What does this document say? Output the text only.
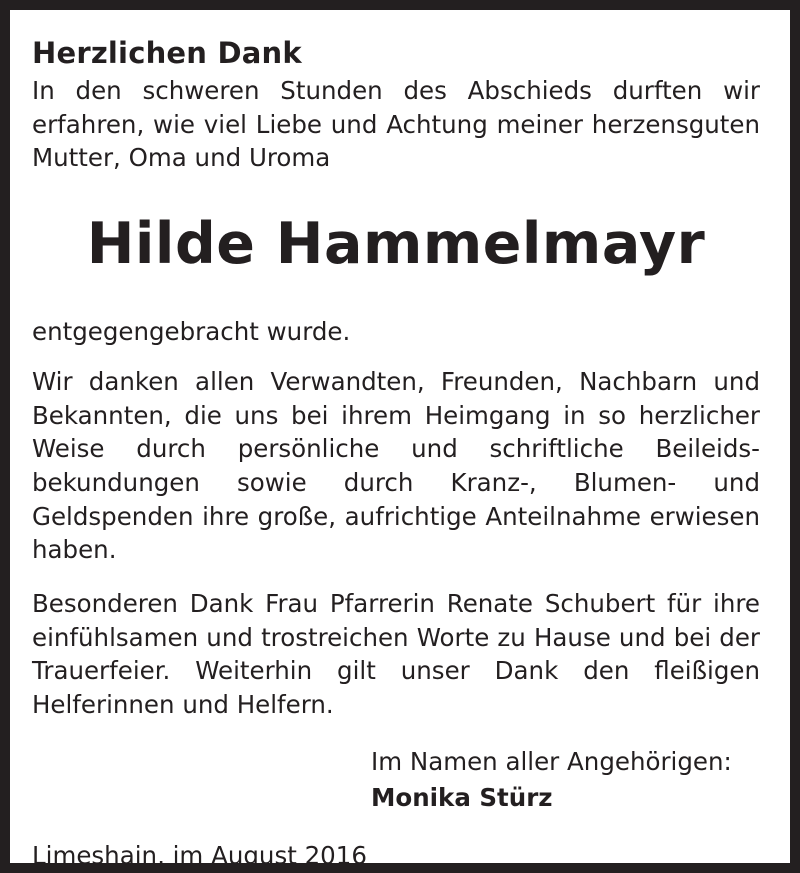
Herzlichen Dank

In den schweren Stunden des Abschieds durften wir erfahren, wie viel Liebe und Achtung meiner herzensguten Mutter, Oma und Uroma

Hilde Hammelmayr

entgegengebracht wurde.

Wir danken allen Verwandten, Freunden, Nachbarn und Bekannten, die uns bei ihrem Heimgang in so herzlicher Weise durch persönliche und schriftliche Beileidsbekundungen sowie durch Kranz-, Blumen- und Geldspenden ihre große, aufrichtige Anteilnahme erwiesen haben.

Besonderen Dank Frau Pfarrerin Renate Schubert für ihre einfühlsamen und trostreichen Worte zu Hause und bei der Trauerfeier. Weiterhin gilt unser Dank den fleißigen Helferinnen und Helfern.

Im Namen aller Angehörigen:
Monika Stürz
Limeshain, im August 2016
